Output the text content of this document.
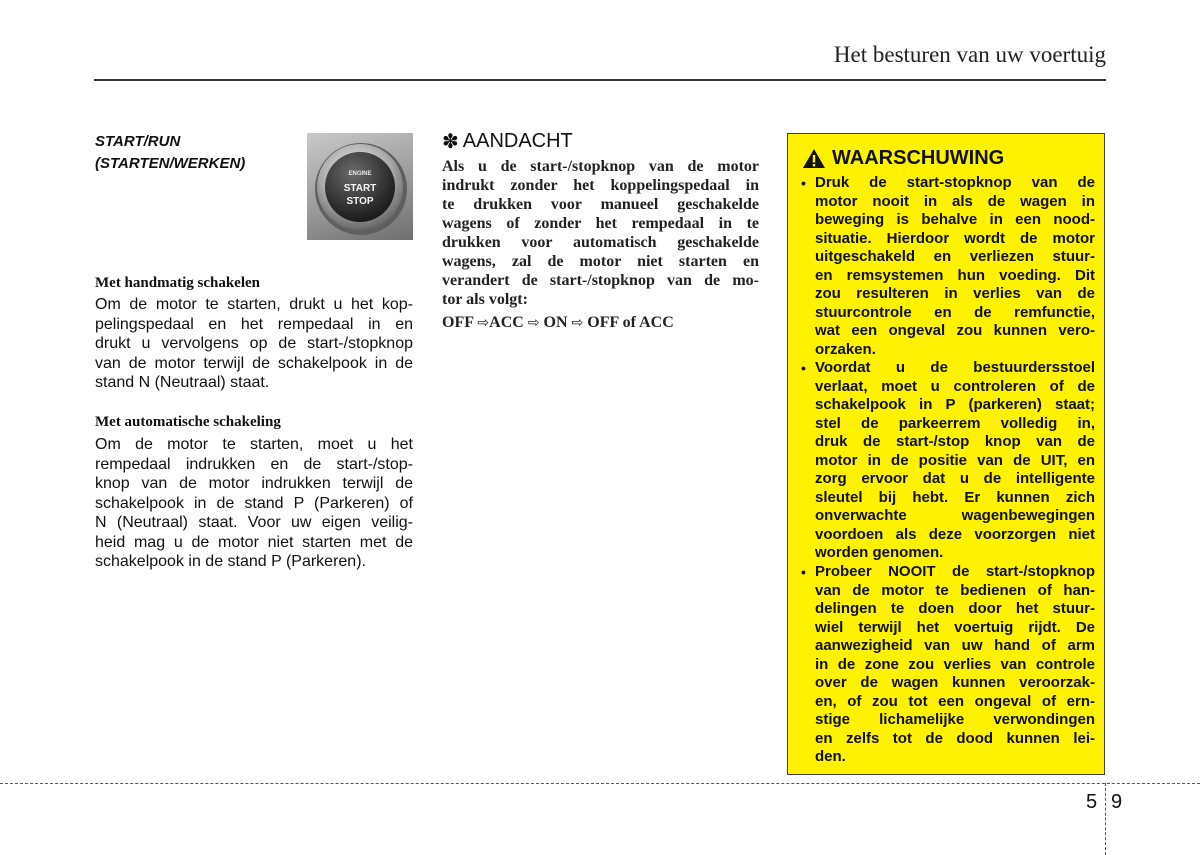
Het besturen van uw voertuig
START/RUN
(STARTEN/WERKEN)
ENGINE
START
STOP
Met handmatig schakelen
Om de motor te starten, drukt u het kop-
pelingspedaal en het rempedaal in en
drukt u vervolgens op de start-/stopknop
van de motor terwijl de schakelpook in de
stand N (Neutraal) staat.
Met automatische schakeling
Om de motor te starten, moet u het
rempedaal indrukken en de start-/stop-
knop van de motor indrukken terwijl de
schakelpook in de stand P (Parkeren) of
N (Neutraal) staat. Voor uw eigen veilig-
heid mag u de motor niet starten met de
schakelpook in de stand P (Parkeren).
✽ AANDACHT
Als u de start-/stopknop van de motor
indrukt zonder het koppelingspedaal in
te drukken voor manueel geschakelde
wagens of zonder het rempedaal in te
drukken voor automatisch geschakelde
wagens, zal de motor niet starten en
verandert de start-/stopknop van de mo-
tor als volgt:
OFF ⇨ACC ⇨ ON ⇨ OFF of ACC
WAARSCHUWING
• Druk de start-stopknop van de
motor nooit in als de wagen in
beweging is behalve in een nood-
situatie. Hierdoor wordt de motor
uitgeschakeld en verliezen stuur-
en remsystemen hun voeding. Dit
zou resulteren in verlies van de
stuurcontrole en de remfunctie,
wat een ongeval zou kunnen vero-
orzaken.
• Voordat u de bestuurdersstoel
verlaat, moet u controleren of de
schakelpook in P (parkeren) staat;
stel de parkeerrem volledig in,
druk de start-/stop knop van de
motor in de positie van de UIT, en
zorg ervoor dat u de intelligente
sleutel bij hebt. Er kunnen zich
onverwachte wagenbewegingen
voordoen als deze voorzorgen niet
worden genomen.
• Probeer NOOIT de start-/stopknop
van de motor te bedienen of han-
delingen te doen door het stuur-
wiel terwijl het voertuig rijdt. De
aanwezigheid van uw hand of arm
in de zone zou verlies van controle
over de wagen kunnen veroorzak-
en, of zou tot een ongeval of ern-
stige lichamelijke verwondingen
en zelfs tot de dood kunnen lei-
den.
5 9
